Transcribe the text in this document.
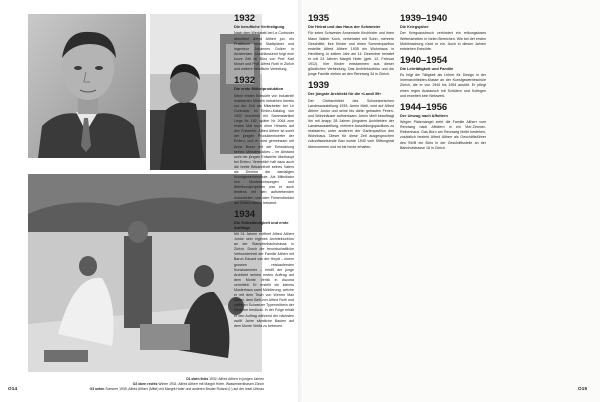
O1 oben links 1932: Alfred Altherr in jungen Jahren
O2 oben rechts Winter 1931: Alfred Altherr mit Margrit Hofer, Wasserwerkhasen Zürich
O3 unten Sommer 1935, Alfred Altherr (Mitte) mit Margrit Hofer und anderen Bruder Roland (r.) auf der Insel Ufenau
O14
1932
Die berufliche Verfestigung

Nach dem Werkstatt bei Le Corbusier absolviert Alfred Altherr jun. ein Praktikum beim Stadtplaner und Ingenieur Johannes Duiker in Amsterdam. Anschliessend folgt eine kurze Zeit im Büro von Prof. Karl Moser und Prof. Alfred Roth in Zürich und weitere berufliche Vertiefung.

1932
Die erste Möbelproduktion

Seine ersten Entwürfe von industriell realisierten Möbeln entstehen bereits vor der Zeit als Mitarbeiter bei Le Corbusier. Im Embru-Katalog von 1932 erscheint ein Sammelartikel Liege Nr. 182, später Nr. 2064 zum ersten Mal noch ohne Hinweis auf den Entwerfer. Alfred Altherr ist somit der jüngste Produktentwerfer der Embru, und er wird gemeinsam mit Anna Buser mit der Entwicklung seines Meisterstückes – im Abstand wohl der jüngste Entwerfer überhaupt bei Embru. Vermutlich half dazu auch die breite Bekanntheit seines Vaters als Direktor der damaligen Kunstgewerbeschule. Als Mitinitiator von Musterwohnungen und Werkbundprojekten war er auch bestens mit den aufstrebenden Industriellen und dem Firmendirektor der Embru-Werke bekannt.

1934
Die Selbständigkeit und erste Aufträge

Mit 24 Jahren eröffnet Alfred Altherr Junior sein eigenes Architekturbüro an der Stampfenbachstrasse in Zürich. Durch die freundschaftliche Verbundenheit der Familie Altherr mit Baron Eduard von der Heydt – einem grossen reiskaufenden Kunstsammler – erhält der junge Architekt seinen ersten Auftrag auf dem Monte Verità in Ascona vermittelt. Er erstellt ein kleines Musterhaus samt Möblierung, welche er mit dem Tisch von Werner Max Moser, dem Bett von Alfred Roth und weiteren Schweizer Typenmöbeln der Moderne bestückt. In der Folge erhält er den Auftrag während der nächsten zwölf Jahre sämtliche Bauten auf dem Monte Verità zu betreuen.

1935
Die Heirat und das Haus der Schwester

Für seine Schwester Annemarie Kirchhofer und ihren Mann Walter Koch, verheiratet mit Sohn, mehrere Geschäfte, ihre Kinder und einen Sommerpavillon erstellte Alfred Altherr 1935 ein Wohnhaus in Herrliberg. In selben Jahr am 14. Dezember heiratet er mit 24 Jahren Margrit Hofer (geb. 12. Februar 1912). Vier Kinder entstammen aus dieser glücklichen Verbindung. Das Architekturbüro und die junge Familie ziehen an den Rennweg 34 in Zürich.

1939
Der jüngste Architekt für die «Landi 39»

Der Chefarchitekt des Schweizerischen Landesausstellung 1939, Armin Meili, wird auf Alfred Altherr Junior und seine bis dahin gebauten Ferien- und Wohnhäuser aufmerksam. Armin Meili beauftragt ihn mit knapp 28 Jahren jüngstem Architekten der Landesausstellung, mehrere Ausstellungspavillons zu realisieren, unter anderem der Gartenpavillon des Wohnbaus. Dieser für diese Zeit ausgesprochen zukunftsweisende Bau wurde 1940 vom Stiftungsrat übernommen und ist bis heute erhalten.

1939–1940
Die Kriegsjahre

Der Kriegsausbruch verhindert ein reibungsloses Weiterarbeiten in vielen Bereichen. Wie bei der ersten Mobilmachung rückt er ein. Auch in diesen Jahren entstehen Entwürfe.

1940–1954
Die Lehrtätigkeit und Familie

Es folgt die Tätigkeit als Lehrer für Design in der Innenarchitekten-Klasse an der Kunstgewerbeschule Zürich, die er von 1940 bis 1954 ausübt. Er pflegt einen regen Austausch mit Schülern und Kollegen und erweitert sein Netzwerk.

1944–1956
Der Umzug nach Affoltern

Wegen Platzmangel zieht die Familie Altherr vom Rennweg nach Affoltern in ein Vier-Zimmer-Reihenhaus. Das Büro am Rennweg bleibt bestehen, zusätzlich bezieht Alfred Altherr als Geschäftsführer des SWB ein Büro in der Geschäftsstelle an der Bahnhofstrasse 16 in Zürich.

O15
